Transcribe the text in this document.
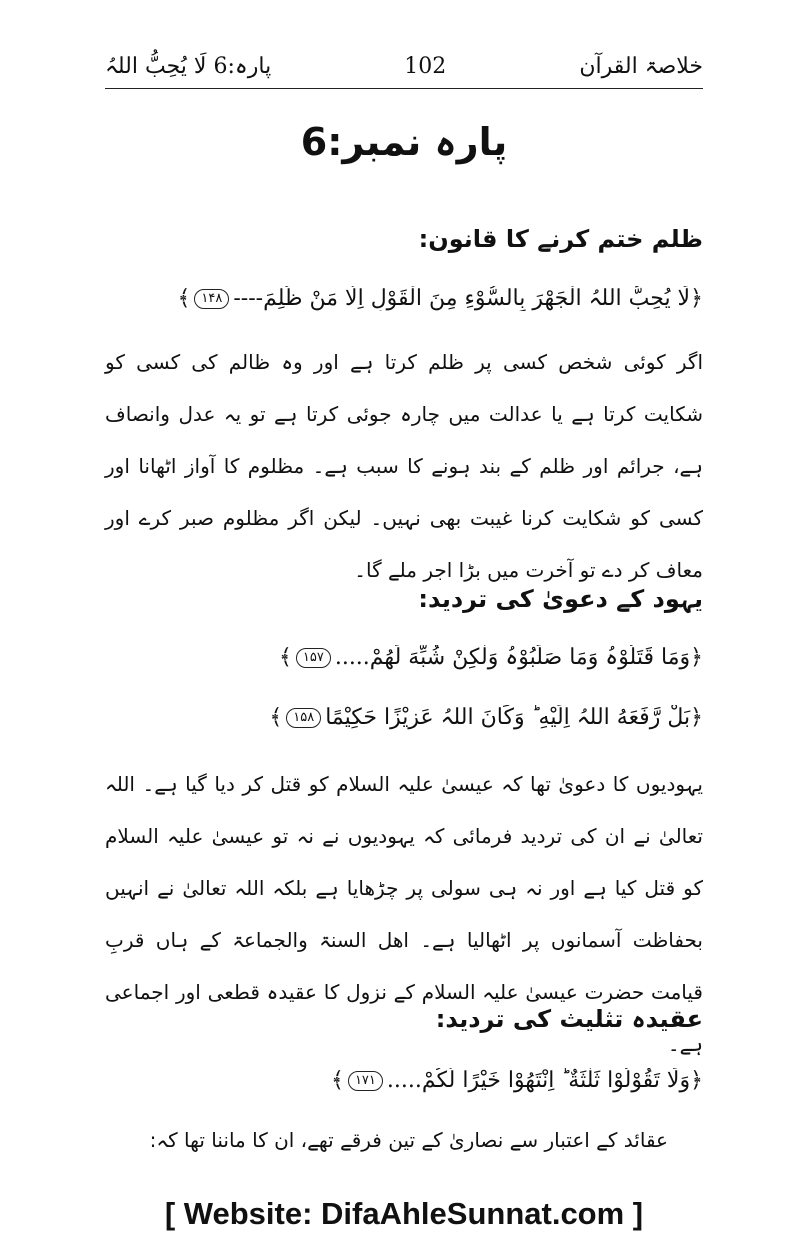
خلاصۃ القرآن
102
پارہ:6 لَا یُحِبُّ اللہُ
پارہ نمبر:6
ظلم ختم کرنے کا قانون:
﴿لَا یُحِبُّ اللہُ الْجَھْرَ بِالسُّوْءِ مِنَ الْقَوْلِ اِلَّا مَنْ ظُلِمَ----۱۴۸﴾
اگر کوئی شخص کسی پر ظلم کرتا ہے اور وہ ظالم کی کسی کو شکایت کرتا ہے یا عدالت میں چارہ جوئی کرتا ہے تو یہ عدل وانصاف ہے، جرائم اور ظلم کے بند ہونے کا سبب ہے۔ مظلوم کا آواز اٹھانا اور کسی کو شکایت کرنا غیبت بھی نہیں۔ لیکن اگر مظلوم صبر کرے اور معاف کر دے تو آخرت میں بڑا اجر ملے گا۔
یہود کے دعویٰ کی تردید:
﴿وَمَا قَتَلُوْہُ وَمَا صَلَبُوْہُ وَلٰكِنْ شُبِّهَ لَهُمْ.....۱۵۷﴾
﴿بَلْ رَّفَعَهُ اللہُ اِلَيْهِ ؕ وَكَانَ اللہُ عَزِيْزًا حَكِيْمًا۱۵۸﴾
یہودیوں کا دعویٰ تھا کہ عیسیٰ علیہ السلام کو قتل کر دیا گیا ہے۔ اللہ تعالیٰ نے ان کی تردید فرمائی کہ یہودیوں نے نہ تو عیسیٰ علیہ السلام کو قتل کیا ہے اور نہ ہی سولی پر چڑھایا ہے بلکہ اللہ تعالیٰ نے انہیں بحفاظت آسمانوں پر اٹھالیا ہے۔ اھل السنۃ والجماعۃ کے ہاں قربِ قیامت حضرت عیسیٰ علیہ السلام کے نزول کا عقیدہ قطعی اور اجماعی ہے۔
عقیدہ تثلیث کی تردید:
﴿وَلَا تَقُوْلُوْا ثَلٰثَةٌ ؕ اِنْتَهُوْا خَيْرًا لَّكُمْ.....۱۷۱﴾
عقائد کے اعتبار سے نصاریٰ کے تین فرقے تھے، ان کا ماننا تھا کہ:
[ Website: DifaAhleSunnat.com ]
